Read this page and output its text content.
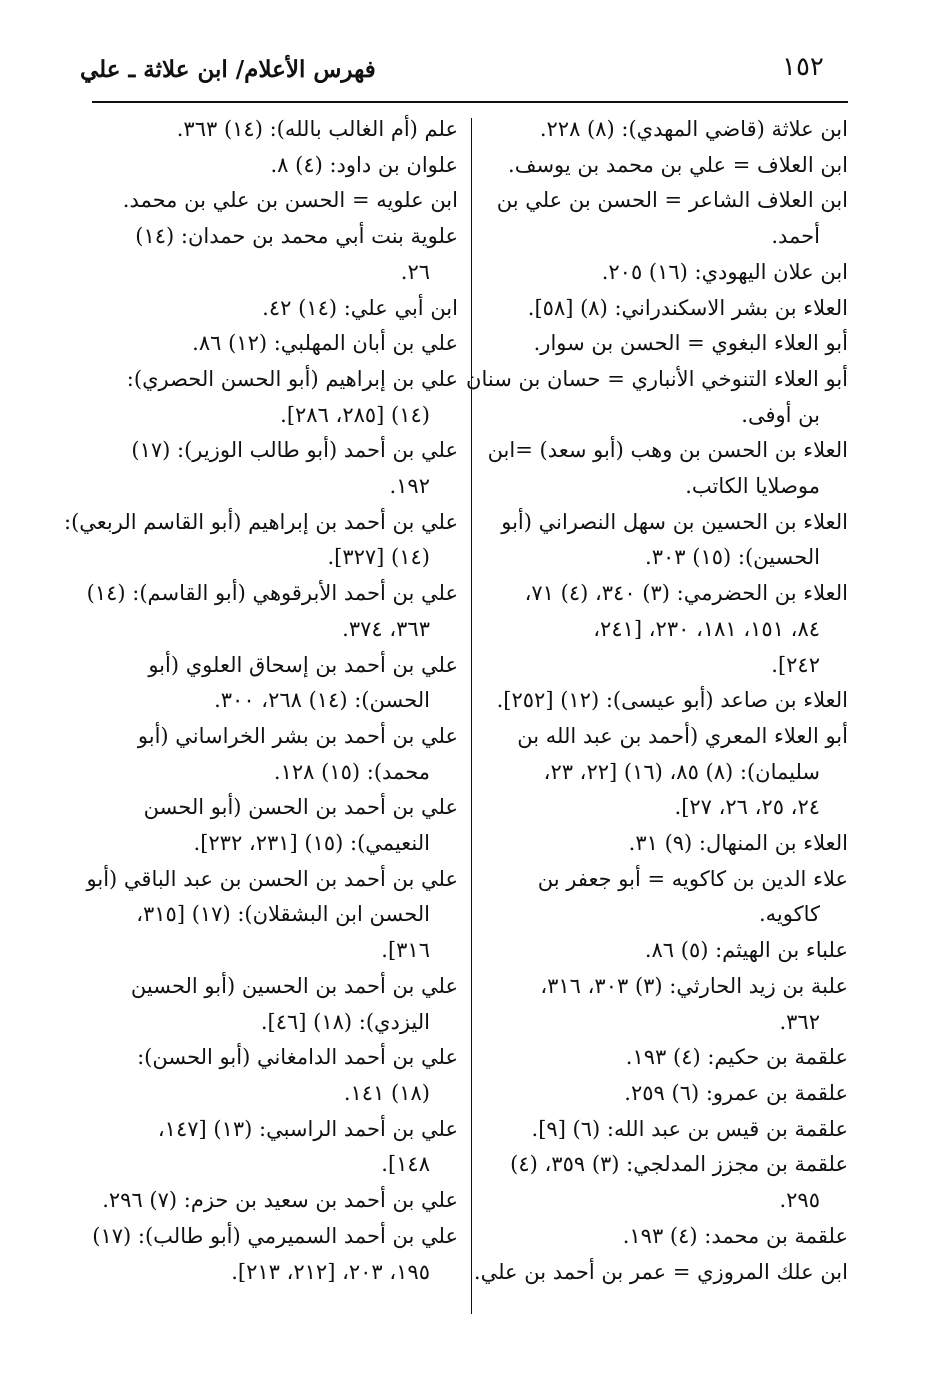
١٥٢
فهرس الأعلام/ ابن علاثة ـ علي
ابن علاثة (قاضي المهدي): (٨) ٢٢٨.
ابن العلاف = علي بن محمد بن يوسف.
ابن العلاف الشاعر = الحسن بن علي بن
أحمد.
ابن علان اليهودي: (١٦) ٢٠٥.
العلاء بن بشر الاسكندراني: (٨) [٥٨].
أبو العلاء البغوي = الحسن بن سوار.
أبو العلاء التنوخي الأنباري = حسان بن سنان
بن أوفى.
العلاء بن الحسن بن وهب (أبو سعد) =ابن
موصلايا الكاتب.
العلاء بن الحسين بن سهل النصراني (أبو
الحسين): (١٥) ٣٠٣.
العلاء بن الحضرمي: (٣) ٣٤٠، (٤) ٧١،
٨٤، ١٥١، ١٨١، ٢٣٠، [٢٤١،
٢٤٢].
العلاء بن صاعد (أبو عيسى): (١٢) [٢٥٢].
أبو العلاء المعري (أحمد بن عبد الله بن
سليمان): (٨) ٨٥، (١٦) [٢٢، ٢٣،
٢٤، ٢٥، ٢٦، ٢٧].
العلاء بن المنهال: (٩) ٣١.
علاء الدين بن كاكويه = أبو جعفر بن
كاكويه.
علباء بن الهيثم: (٥) ٨٦.
علبة بن زيد الحارثي: (٣) ٣٠٣، ٣١٦،
٣٦٢.
علقمة بن حكيم: (٤) ١٩٣.
علقمة بن عمرو: (٦) ٢٥٩.
علقمة بن قيس بن عبد الله: (٦) [٩].
علقمة بن مجزز المدلجي: (٣) ٣٥٩، (٤)
٢٩٥.
علقمة بن محمد: (٤) ١٩٣.
ابن علك المروزي = عمر بن أحمد بن علي.
علم (أم الغالب بالله): (١٤) ٣٦٣.
علوان بن داود: (٤) ٨.
ابن علويه = الحسن بن علي بن محمد.
علوية بنت أبي محمد بن حمدان: (١٤)
٢٦.
ابن أبي علي: (١٤) ٤٢.
علي بن أبان المهلبي: (١٢) ٨٦.
علي بن إبراهيم (أبو الحسن الحصري):
(١٤) [٢٨٥، ٢٨٦].
علي بن أحمد (أبو طالب الوزير): (١٧)
١٩٢.
علي بن أحمد بن إبراهيم (أبو القاسم الربعي):
(١٤) [٣٢٧].
علي بن أحمد الأبرقوهي (أبو القاسم): (١٤)
٣٦٣، ٣٧٤.
علي بن أحمد بن إسحاق العلوي (أبو
الحسن): (١٤) ٢٦٨، ٣٠٠.
علي بن أحمد بن بشر الخراساني (أبو
محمد): (١٥) ١٢٨.
علي بن أحمد بن الحسن (أبو الحسن
النعيمي): (١٥) [٢٣١، ٢٣٢].
علي بن أحمد بن الحسن بن عبد الباقي (أبو
الحسن ابن البشقلان): (١٧) [٣١٥،
٣١٦].
علي بن أحمد بن الحسين (أبو الحسين
اليزدي): (١٨) [٤٦].
علي بن أحمد الدامغاني (أبو الحسن):
(١٨) ١٤١.
علي بن أحمد الراسبي: (١٣) [١٤٧،
١٤٨].
علي بن أحمد بن سعيد بن حزم: (٧) ٢٩٦.
علي بن أحمد السميرمي (أبو طالب): (١٧)
١٩٥، ٢٠٣، [٢١٢، ٢١٣].
